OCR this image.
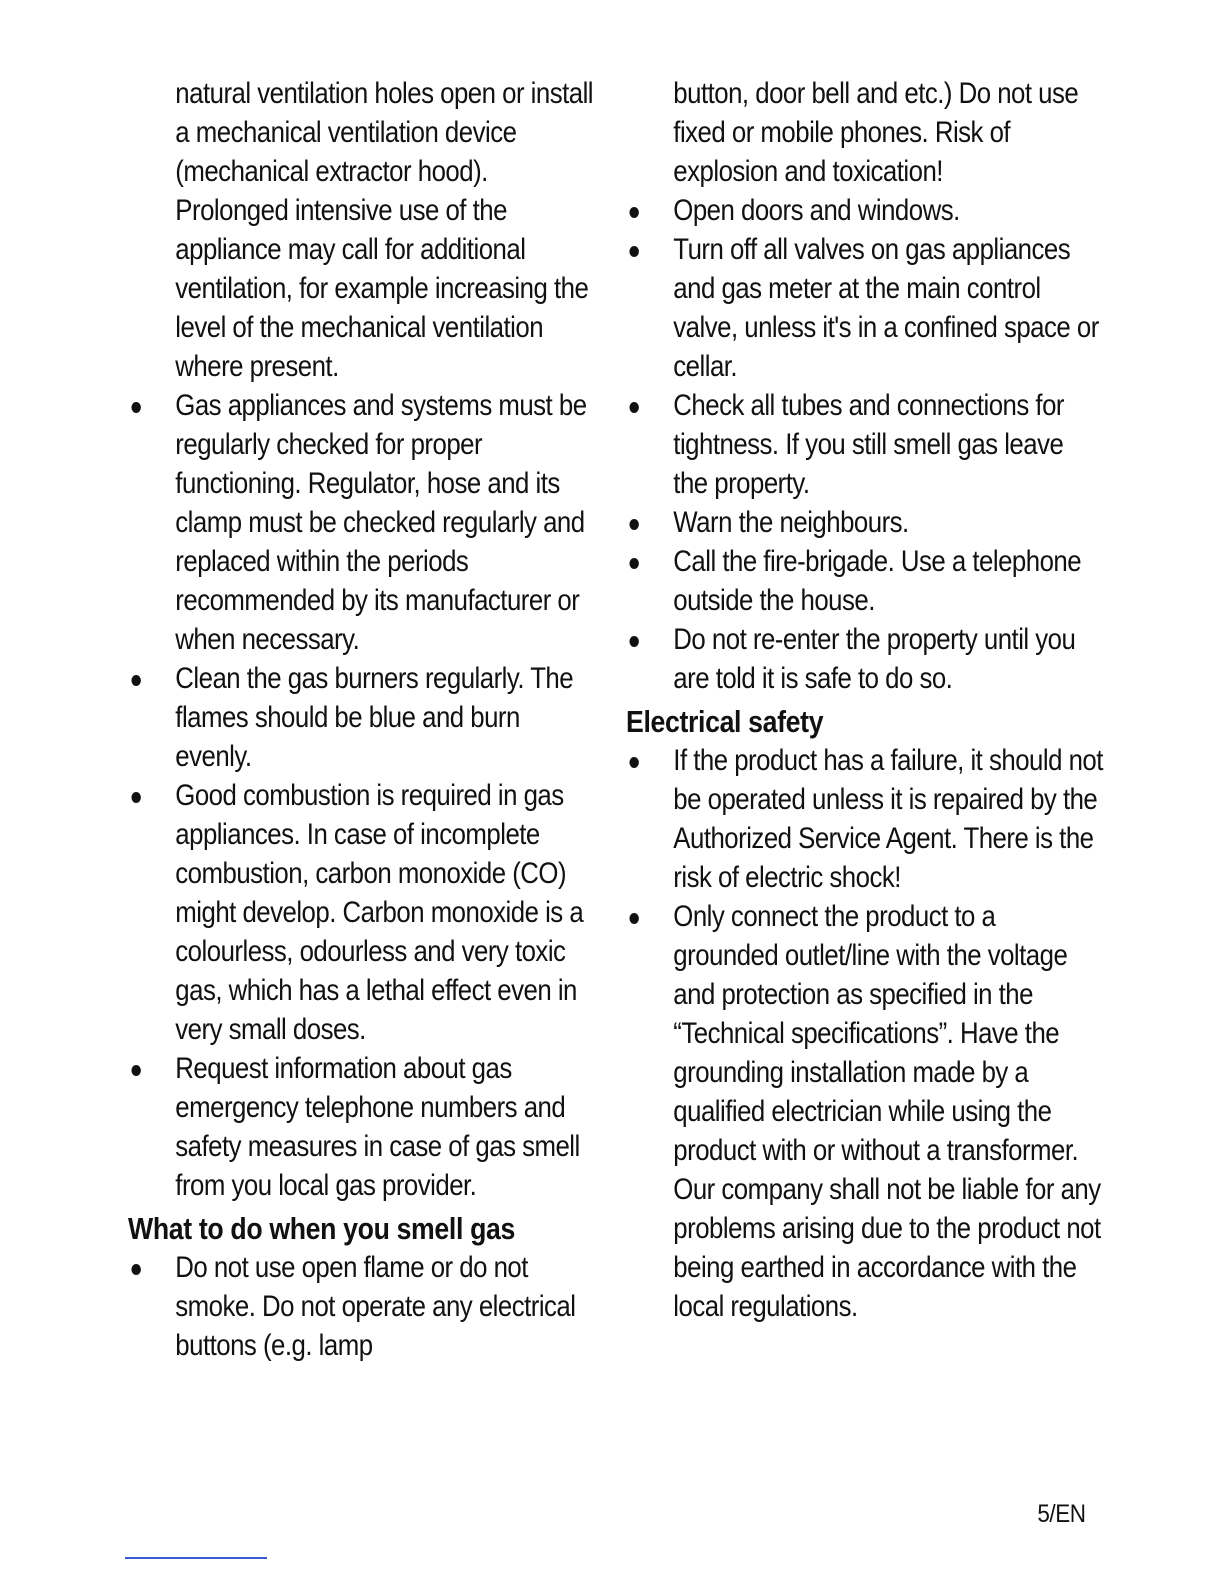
natural ventilation holes open or install a mechanical ventilation device (mechanical extractor hood). Prolonged intensive use of the appliance may call for additional ventilation, for example increasing the level of the mechanical ventilation where present.
Gas appliances and systems must be regularly checked for proper functioning. Regulator, hose and its clamp must be checked regularly and replaced within the periods recommended by its manufacturer or when necessary.
Clean the gas burners regularly. The flames should be blue and burn evenly.
Good combustion is required in gas appliances. In case of incomplete combustion, carbon monoxide (CO) might develop. Carbon monoxide is a colourless, odourless and very toxic gas, which has a lethal effect even in very small doses.
Request information about gas emergency telephone numbers and safety measures in case of gas smell from you local gas provider.
What to do when you smell gas
Do not use open flame or do not smoke. Do not operate any electrical buttons (e.g. lamp
button, door bell and etc.) Do not use fixed or mobile phones. Risk of explosion and toxication!
Open doors and windows.
Turn off all valves on gas appliances and gas meter at the main control valve, unless it's in a confined space or cellar.
Check all tubes and connections for tightness. If you still smell gas leave the property.
Warn the neighbours.
Call the fire-brigade. Use a telephone outside the house.
Do not re-enter the property until you are told it is safe to do so.
Electrical safety
If the product has a failure, it should not be operated unless it is repaired by the Authorized Service Agent. There is the risk of electric shock!
Only connect the product to a grounded outlet/line with the voltage and protection as specified in the “Technical specifications”. Have the grounding installation made by a qualified electrician while using the product with or without a transformer. Our company shall not be liable for any problems arising due to the product not being earthed in accordance with the local regulations.
5/EN
